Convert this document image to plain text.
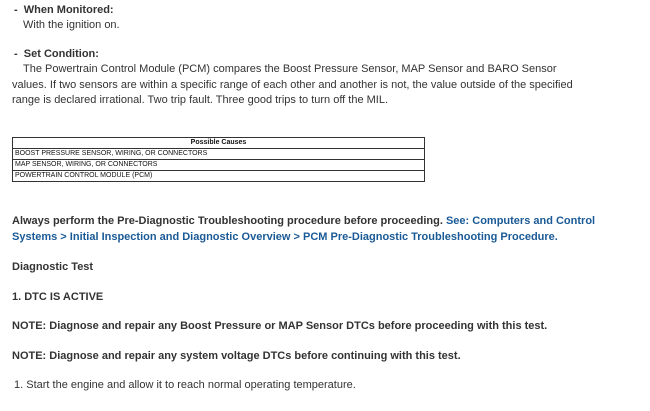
-  When Monitored:
With the ignition on.
-  Set Condition:
The Powertrain Control Module (PCM) compares the Boost Pressure Sensor, MAP Sensor and BARO Sensor values. If two sensors are within a specific range of each other and another is not, the value outside of the specified range is declared irrational. Two trip fault. Three good trips to turn off the MIL.
Possible Causes
BOOST PRESSURE SENSOR, WIRING, OR CONNECTORS
MAP SENSOR, WIRING, OR CONNECTORS
POWERTRAIN CONTROL MODULE (PCM)
Always perform the Pre-Diagnostic Troubleshooting procedure before proceeding. See: Computers and Control Systems > Initial Inspection and Diagnostic Overview > PCM Pre-Diagnostic Troubleshooting Procedure.
Diagnostic Test
1. DTC IS ACTIVE
NOTE: Diagnose and repair any Boost Pressure or MAP Sensor DTCs before proceeding with this test.
NOTE: Diagnose and repair any system voltage DTCs before continuing with this test.
1. Start the engine and allow it to reach normal operating temperature.
